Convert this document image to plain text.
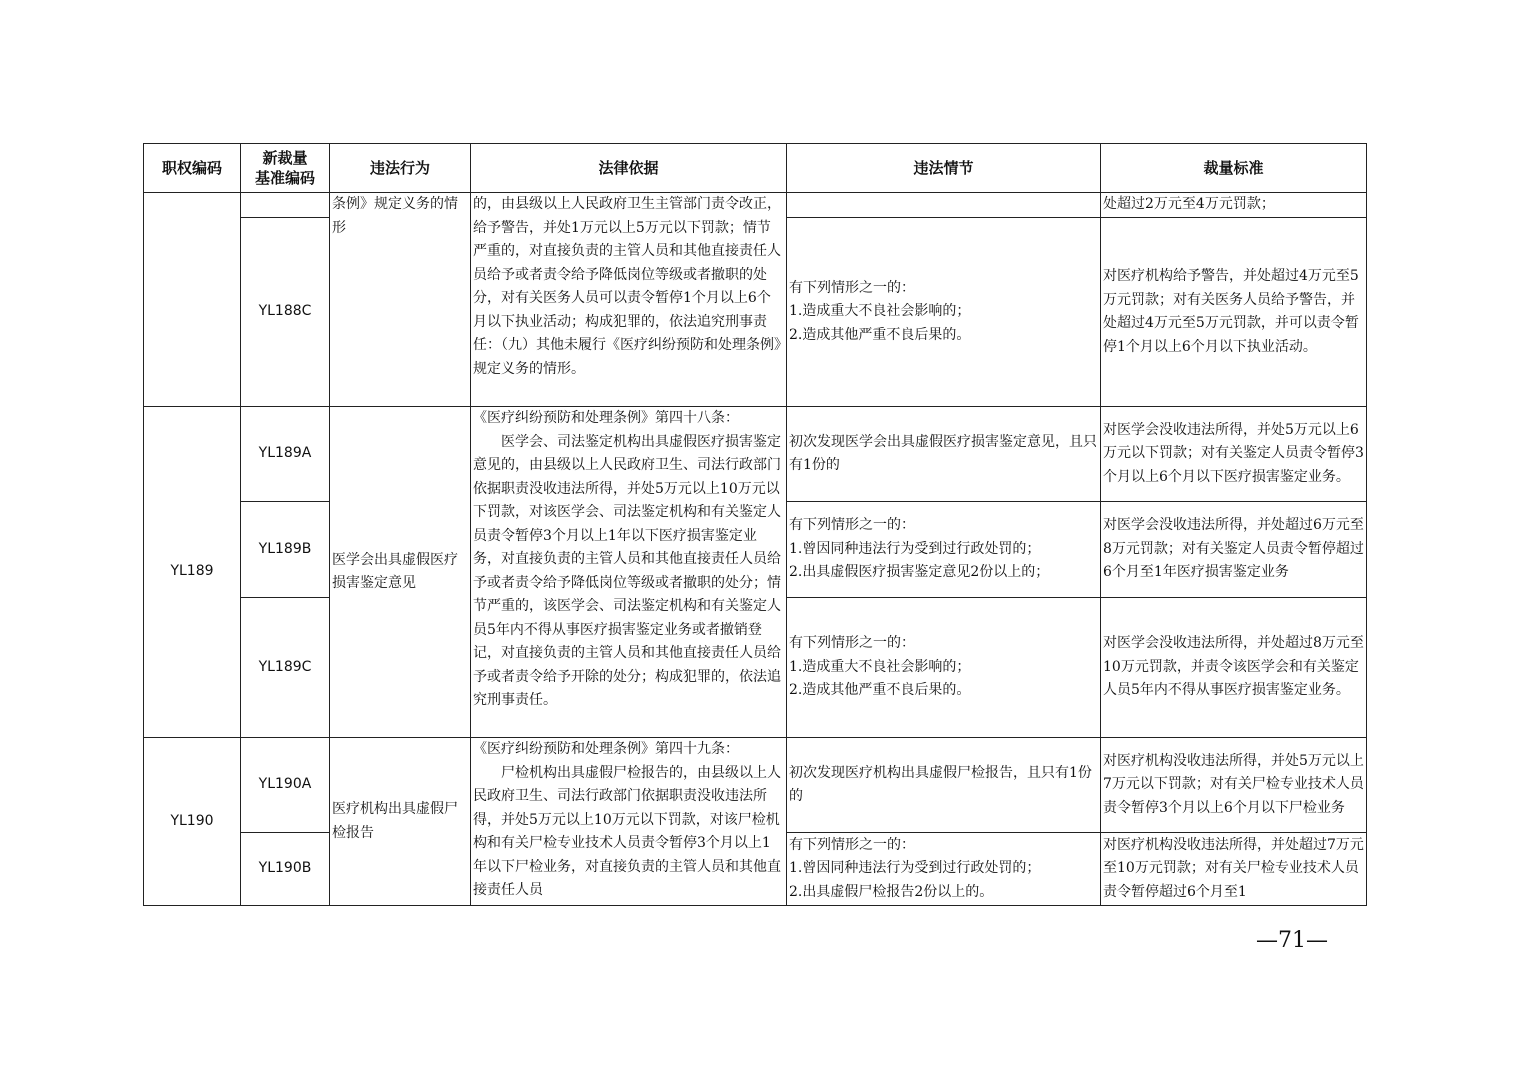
职权编码	新裁量
基准编码	违法行为	法律依据	违法情节	裁量标准
		条例》规定义务的情形	的，由县级以上人民政府卫生主管部门责令改正，给予警告，并处1万元以上5万元以下罚款；情节严重的，对直接负责的主管人员和其他直接责任人员给予或者责令给予降低岗位等级或者撤职的处分，对有关医务人员可以责令暂停1个月以上6个月以下执业活动；构成犯罪的，依法追究刑事责任：（九）其他未履行《医疗纠纷预防和处理条例》规定义务的情形。		处超过2万元至4万元罚款；
	YL188C			有下列情形之一的：
1.造成重大不良社会影响的；
2.造成其他严重不良后果的。	对医疗机构给予警告，并处超过4万元至5万元罚款；对有关医务人员给予警告，并处超过4万元至5万元罚款，并可以责令暂停1个月以上6个月以下执业活动。
YL189	YL189A	医学会出具虚假医疗损害鉴定意见	《医疗纠纷预防和处理条例》第四十八条：
　　医学会、司法鉴定机构出具虚假医疗损害鉴定意见的，由县级以上人民政府卫生、司法行政部门依据职责没收违法所得，并处5万元以上10万元以下罚款，对该医学会、司法鉴定机构和有关鉴定人员责令暂停3个月以上1年以下医疗损害鉴定业务，对直接负责的主管人员和其他直接责任人员给予或者责令给予降低岗位等级或者撤职的处分；情节严重的，该医学会、司法鉴定机构和有关鉴定人员5年内不得从事医疗损害鉴定业务或者撤销登记，对直接负责的主管人员和其他直接责任人员给予或者责令给予开除的处分；构成犯罪的，依法追究刑事责任。	初次发现医学会出具虚假医疗损害鉴定意见，且只有1份的	对医学会没收违法所得，并处5万元以上6万元以下罚款；对有关鉴定人员责令暂停3个月以上6个月以下医疗损害鉴定业务。
	YL189B			有下列情形之一的：
1.曾因同种违法行为受到过行政处罚的；
2.出具虚假医疗损害鉴定意见2份以上的；	对医学会没收违法所得，并处超过6万元至8万元罚款；对有关鉴定人员责令暂停超过6个月至1年医疗损害鉴定业务
	YL189C			有下列情形之一的：
1.造成重大不良社会影响的；
2.造成其他严重不良后果的。	对医学会没收违法所得，并处超过8万元至10万元罚款，并责令该医学会和有关鉴定人员5年内不得从事医疗损害鉴定业务。
YL190	YL190A	医疗机构出具虚假尸检报告	《医疗纠纷预防和处理条例》第四十九条：
　　尸检机构出具虚假尸检报告的，由县级以上人民政府卫生、司法行政部门依据职责没收违法所得，并处5万元以上10万元以下罚款，对该尸检机构和有关尸检专业技术人员责令暂停3个月以上1年以下尸检业务，对直接负责的主管人员和其他直接责任人员	初次发现医疗机构出具虚假尸检报告，且只有1份的	对医疗机构没收违法所得，并处5万元以上7万元以下罚款；对有关尸检专业技术人员责令暂停3个月以上6个月以下尸检业务
	YL190B			有下列情形之一的：
1.曾因同种违法行为受到过行政处罚的；
2.出具虚假尸检报告2份以上的。	对医疗机构没收违法所得，并处超过7万元至10万元罚款；对有关尸检专业技术人员责令暂停超过6个月至1
—71—
